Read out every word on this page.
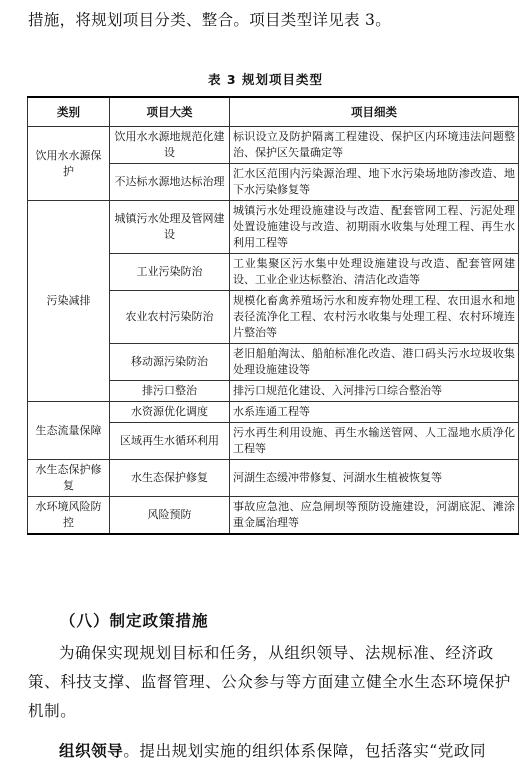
措施，将规划项目分类、整合。项目类型详见表 3。
表 3 规划项目类型
类别	项目大类	项目细类
饮用水水源保护	饮用水水源地规范化建设	标识设立及防护隔离工程建设、保护区内环境违法问题整治、保护区矢量确定等
	不达标水源地达标治理	汇水区范围内污染源治理、地下水污染场地防渗改造、地下水污染修复等
污染减排	城镇污水处理及管网建设	城镇污水处理设施建设与改造、配套管网工程、污泥处理处置设施建设与改造、初期雨水收集与处理工程、再生水利用工程等
	工业污染防治	工业集聚区污水集中处理设施建设与改造、配套管网建设、工业企业达标整治、清洁化改造等
	农业农村污染防治	规模化畜禽养殖场污水和废弃物处理工程、农田退水和地表径流净化工程、农村污水收集与处理工程、农村环境连片整治等
	移动源污染防治	老旧船舶淘汰、船舶标准化改造、港口码头污水垃圾收集处理设施建设等
	排污口整治	排污口规范化建设、入河排污口综合整治等
生态流量保障	水资源优化调度	水系连通工程等
	区域再生水循环利用	污水再生利用设施、再生水输送管网、人工湿地水质净化工程等
水生态保护修复	水生态保护修复	河湖生态缓冲带修复、河湖水生植被恢复等
水环境风险防控	风险预防	事故应急池、应急闸坝等预防设施建设，河湖底泥、滩涂重金属治理等
（八）制定政策措施
为确保实现规划目标和任务，从组织领导、法规标准、经济政策、科技支撑、监督管理、公众参与等方面建立健全水生态环境保护机制。
组织领导。提出规划实施的组织体系保障，包括落实“党政同
